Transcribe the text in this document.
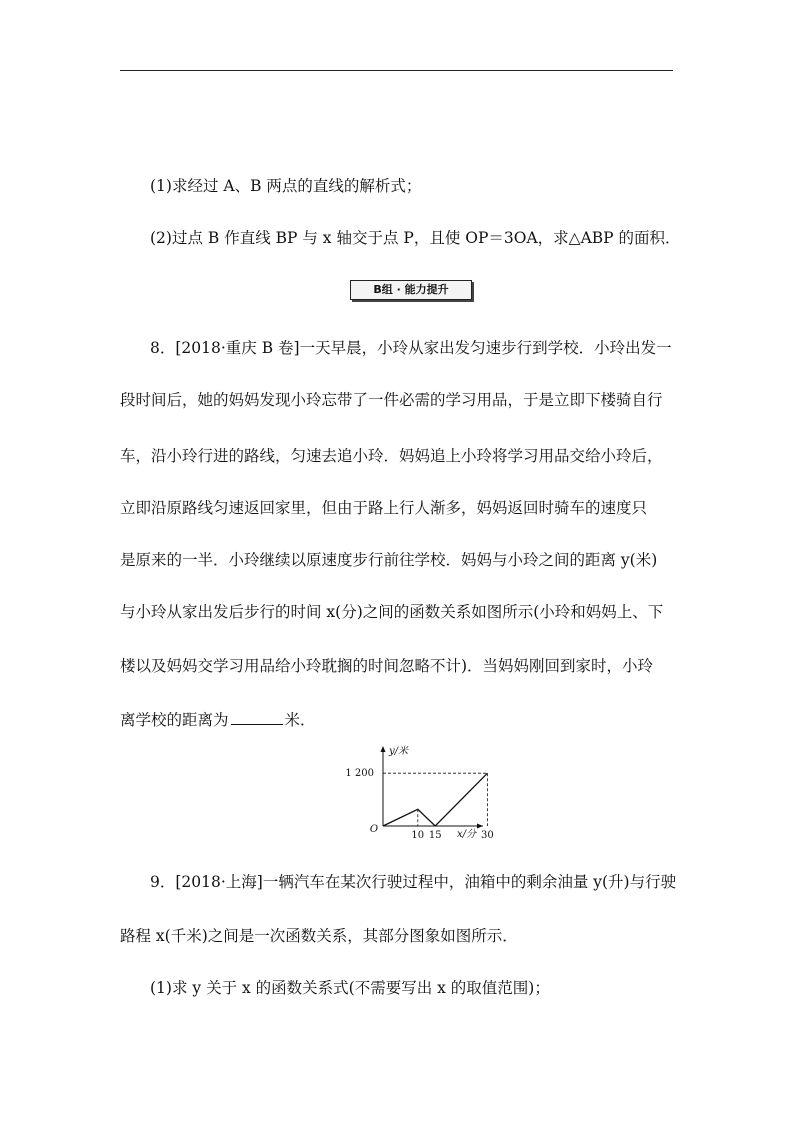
(1)求经过 A、B 两点的直线的解析式；
(2)过点 B 作直线 BP 与 x 轴交于点 P，且使 OP＝3OA，求△ABP 的面积．
B组 · 能力提升
8．[2018·重庆 B 卷]一天早晨，小玲从家出发匀速步行到学校．小玲出发一
段时间后，她的妈妈发现小玲忘带了一件必需的学习用品，于是立即下楼骑自行
车，沿小玲行进的路线，匀速去追小玲．妈妈追上小玲将学习用品交给小玲后，
立即沿原路线匀速返回家里，但由于路上行人渐多，妈妈返回时骑车的速度只
是原来的一半．小玲继续以原速度步行前往学校．妈妈与小玲之间的距离 y(米)
与小玲从家出发后步行的时间 x(分)之间的函数关系如图所示(小玲和妈妈上、下
楼以及妈妈交学习用品给小玲耽搁的时间忽略不计)．当妈妈刚回到家时，小玲
离学校的距离为	米．
1 200
10 15	30
O
y/米
x/分
9．[2018·上海]一辆汽车在某次行驶过程中，油箱中的剩余油量 y(升)与行驶
路程 x(千米)之间是一次函数关系，其部分图象如图所示．
(1)求 y 关于 x 的函数关系式(不需要写出 x 的取值范围)；
